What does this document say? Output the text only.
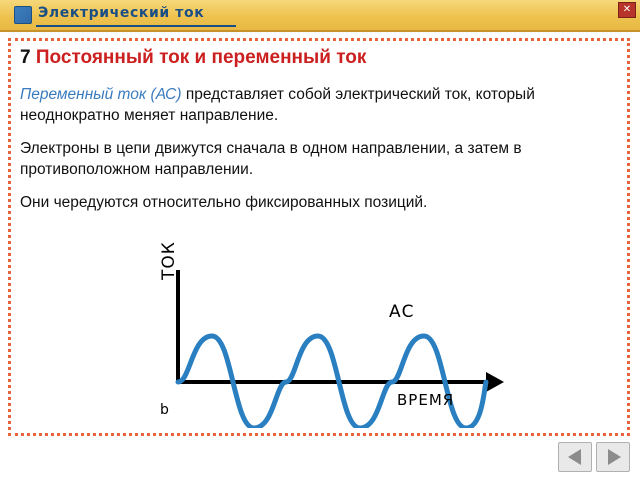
Электрический ток	✕
7 Постоянный ток и переменный ток

Переменный ток (АС) представляет собой электрический ток, который неоднократно меняет направление.

Электроны в цепи движутся сначала в одном направлении, а затем в противоположном направлении.

Они чередуются относительно фиксированных позиций.

ТОК
АС
ВРЕМЯ
b
